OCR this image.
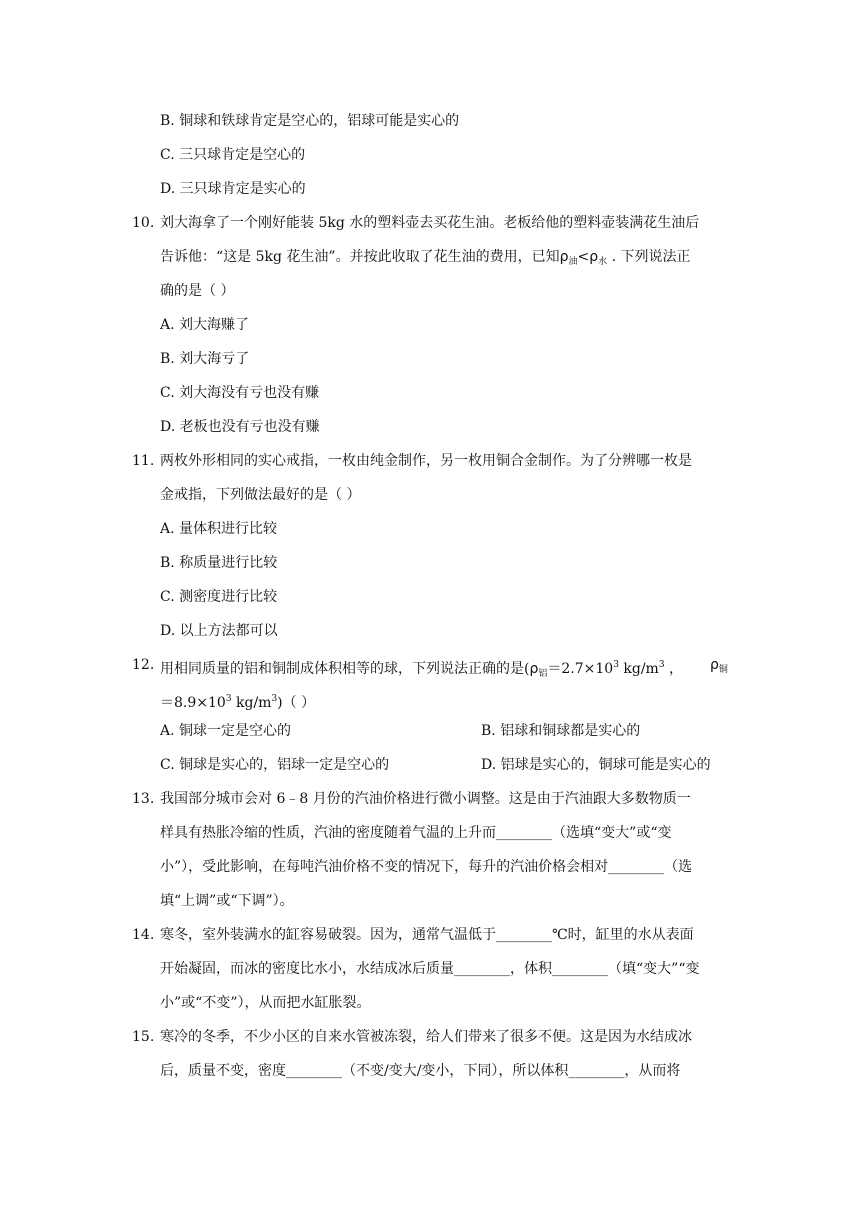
B. 铜球和铁球肯定是空心的，铝球可能是实心的
C. 三只球肯定是空心的
D. 三只球肯定是实心的
10. 刘大海拿了一个刚好能装 5kg 水的塑料壶去买花生油。老板给他的塑料壶装满花生油后
告诉他：“这是 5kg 花生油”。并按此收取了花生油的费用，已知$\rho_油<\rho_水$ . 下列说法正
确的是（ ）
A. 刘大海赚了
B. 刘大海亏了
C. 刘大海没有亏也没有赚
D. 老板也没有亏也没有赚
11. 两枚外形相同的实心戒指，一枚由纯金制作，另一枚用铜合金制作。为了分辨哪一枚是
金戒指，下列做法最好的是（ ）
A. 量体积进行比较
B. 称质量进行比较
C. 测密度进行比较
D. 以上方法都可以
12. 用相同质量的铝和铜制成体积相等的球，下列说法正确的是($\rho_铝=2.7\times 10^3$ $kg/m^3$ ， $\rho_铜$
$=8.9\times 10^3$ $kg/m^3$)（ ）
A. 铜球一定是空心的	B. 铝球和铜球都是实心的
C. 铜球是实心的，铝球一定是空心的	D. 铝球是实心的，铜球可能是实心的
13. 我国部分城市会对 6﹣8 月份的汽油价格进行微小调整。这是由于汽油跟大多数物质一
样具有热胀冷缩的性质，汽油的密度随着气温的上升而________（选填“变大”或“变
小”），受此影响，在每吨汽油价格不变的情况下，每升的汽油价格会相对________（选
填“上调”或“下调”）。
14. 寒冬，室外装满水的缸容易破裂。因为，通常气温低于________℃时，缸里的水从表面
开始凝固，而冰的密度比水小，水结成冰后质量________，体积________（填“变大”“变
小”或“不变”），从而把水缸胀裂。
15. 寒冷的冬季，不少小区的自来水管被冻裂，给人们带来了很多不便。这是因为水结成冰
后，质量不变，密度________（不变/变大/变小，下同），所以体积________，从而将
